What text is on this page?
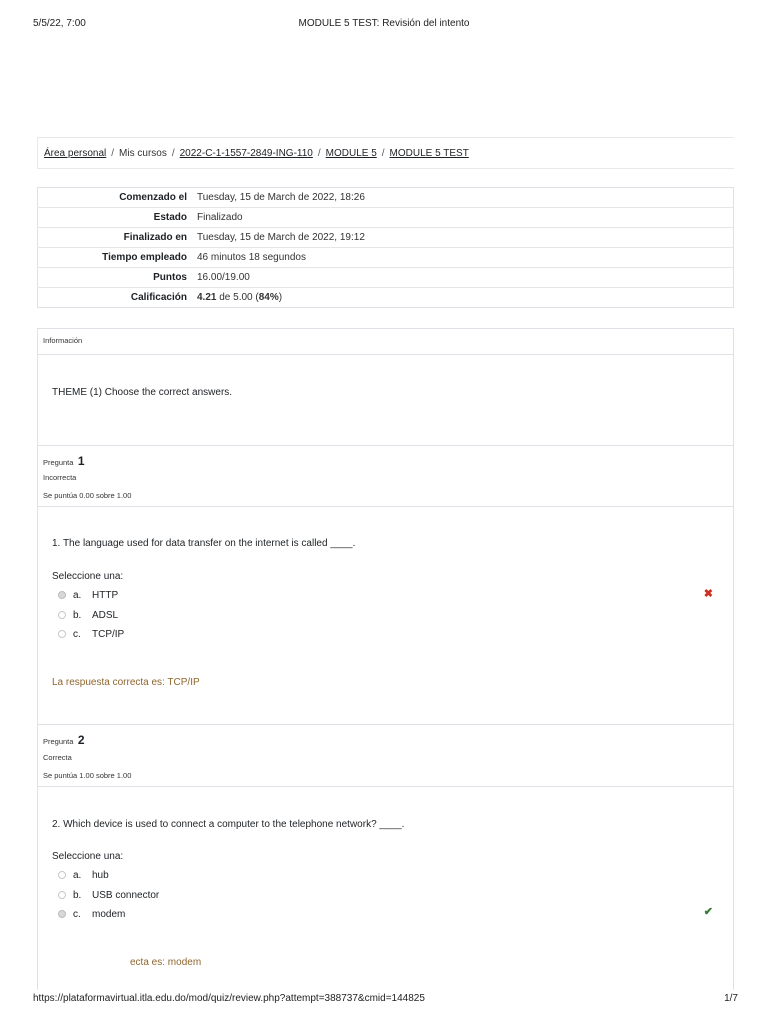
MODULE 5 TEST: Revisión del intento
5/5/22, 7:00
Área personal / Mis cursos / 2022-C-1-1557-2849-ING-110 / MODULE 5 / MODULE 5 TEST
Comenzado el	Tuesday, 15 de March de 2022, 18:26
Estado	Finalizado
Finalizado en	Tuesday, 15 de March de 2022, 19:12
Tiempo empleado	46 minutos 18 segundos
Puntos	16.00/19.00
Calificación	4.21 de 5.00 (84%)
Información
THEME (1) Choose the correct answers.
Pregunta 1
Incorrecta
Se puntúa 0.00 sobre 1.00
1. The language used for data transfer on the internet is called ____.
Seleccione una:
a.	HTTP
b.	ADSL
c.	TCP/IP
✖
La respuesta correcta es: TCP/IP
Pregunta 2
Correcta
Se puntúa 1.00 sobre 1.00
2. Which device is used to connect a computer to the telephone network? ____.
Seleccione una:
a.	hub
b.	USB connector
c.	modem	✔
ecta es: modem
https://plataformavirtual.itla.edu.do/mod/quiz/review.php?attempt=388737&cmid=144825	1/7
